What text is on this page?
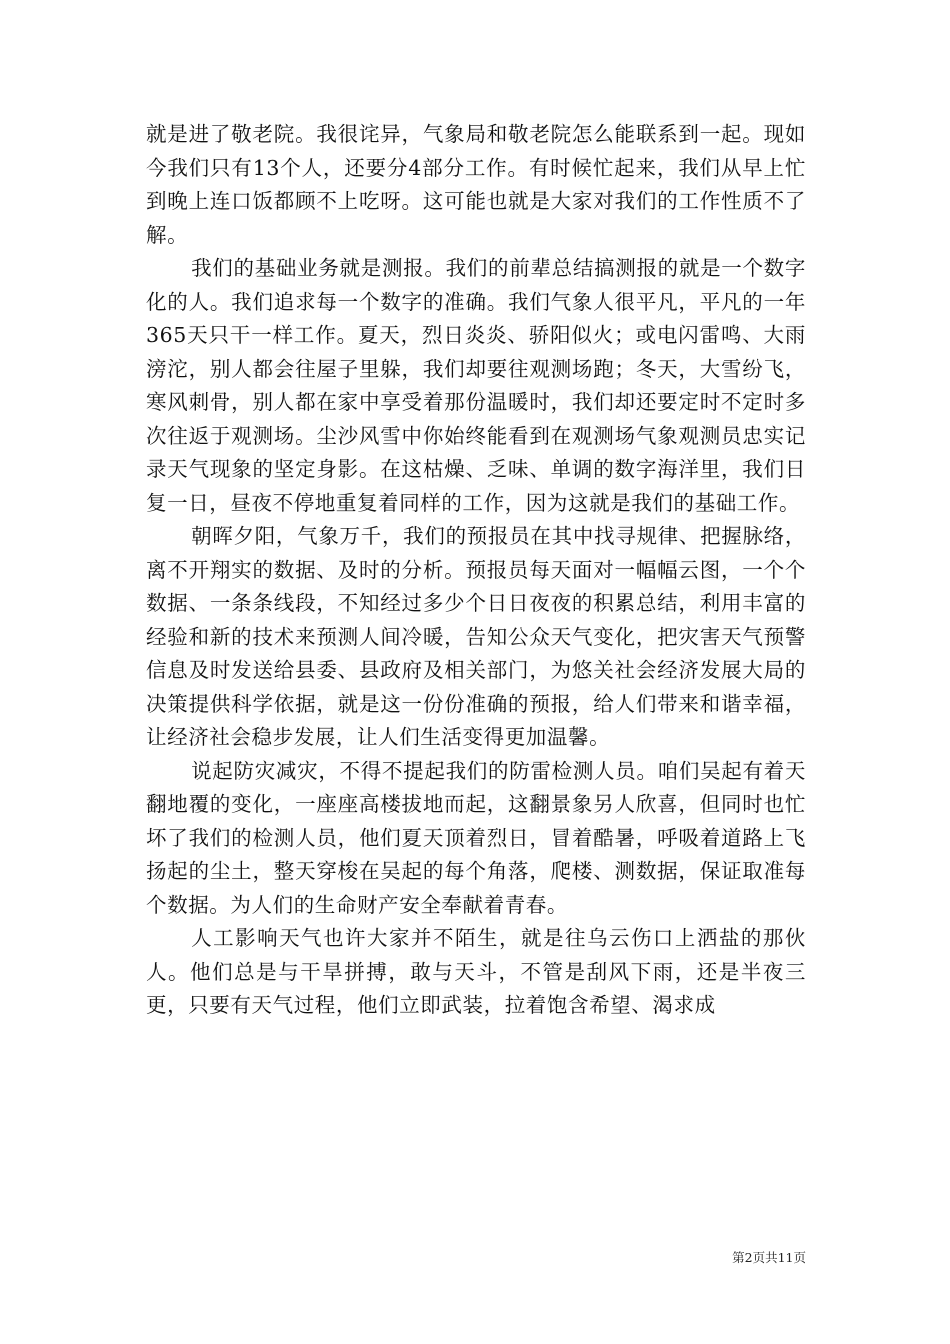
就是进了敬老院。我很诧异，气象局和敬老院怎么能联系到一起。现如今我们只有13个人，还要分4部分工作。有时候忙起来，我们从早上忙到晚上连口饭都顾不上吃呀。这可能也就是大家对我们的工作性质不了解。

我们的基础业务就是测报。我们的前辈总结搞测报的就是一个数字化的人。我们追求每一个数字的准确。我们气象人很平凡，平凡的一年365天只干一样工作。夏天，烈日炎炎、骄阳似火；或电闪雷鸣、大雨滂沱，别人都会往屋子里躲，我们却要往观测场跑；冬天，大雪纷飞，寒风刺骨，别人都在家中享受着那份温暖时，我们却还要定时不定时多次往返于观测场。尘沙风雪中你始终能看到在观测场气象观测员忠实记录天气现象的坚定身影。在这枯燥、乏味、单调的数字海洋里，我们日复一日，昼夜不停地重复着同样的工作，因为这就是我们的基础工作。

朝晖夕阳，气象万千，我们的预报员在其中找寻规律、把握脉络，离不开翔实的数据、及时的分析。预报员每天面对一幅幅云图，一个个数据、一条条线段，不知经过多少个日日夜夜的积累总结，利用丰富的经验和新的技术来预测人间冷暖，告知公众天气变化，把灾害天气预警信息及时发送给县委、县政府及相关部门，为悠关社会经济发展大局的决策提供科学依据，就是这一份份准确的预报，给人们带来和谐幸福，让经济社会稳步发展，让人们生活变得更加温馨。

说起防灾减灾，不得不提起我们的防雷检测人员。咱们吴起有着天翻地覆的变化，一座座高楼拔地而起，这翻景象另人欣喜，但同时也忙坏了我们的检测人员，他们夏天顶着烈日，冒着酷暑，呼吸着道路上飞扬起的尘土，整天穿梭在吴起的每个角落，爬楼、测数据，保证取准每个数据。为人们的生命财产安全奉献着青春。

人工影响天气也许大家并不陌生，就是往乌云伤口上洒盐的那伙人。他们总是与干旱拼搏，敢与天斗，不管是刮风下雨，还是半夜三更，只要有天气过程，他们立即武装，拉着饱含希望、渴求成

第2页共11页
